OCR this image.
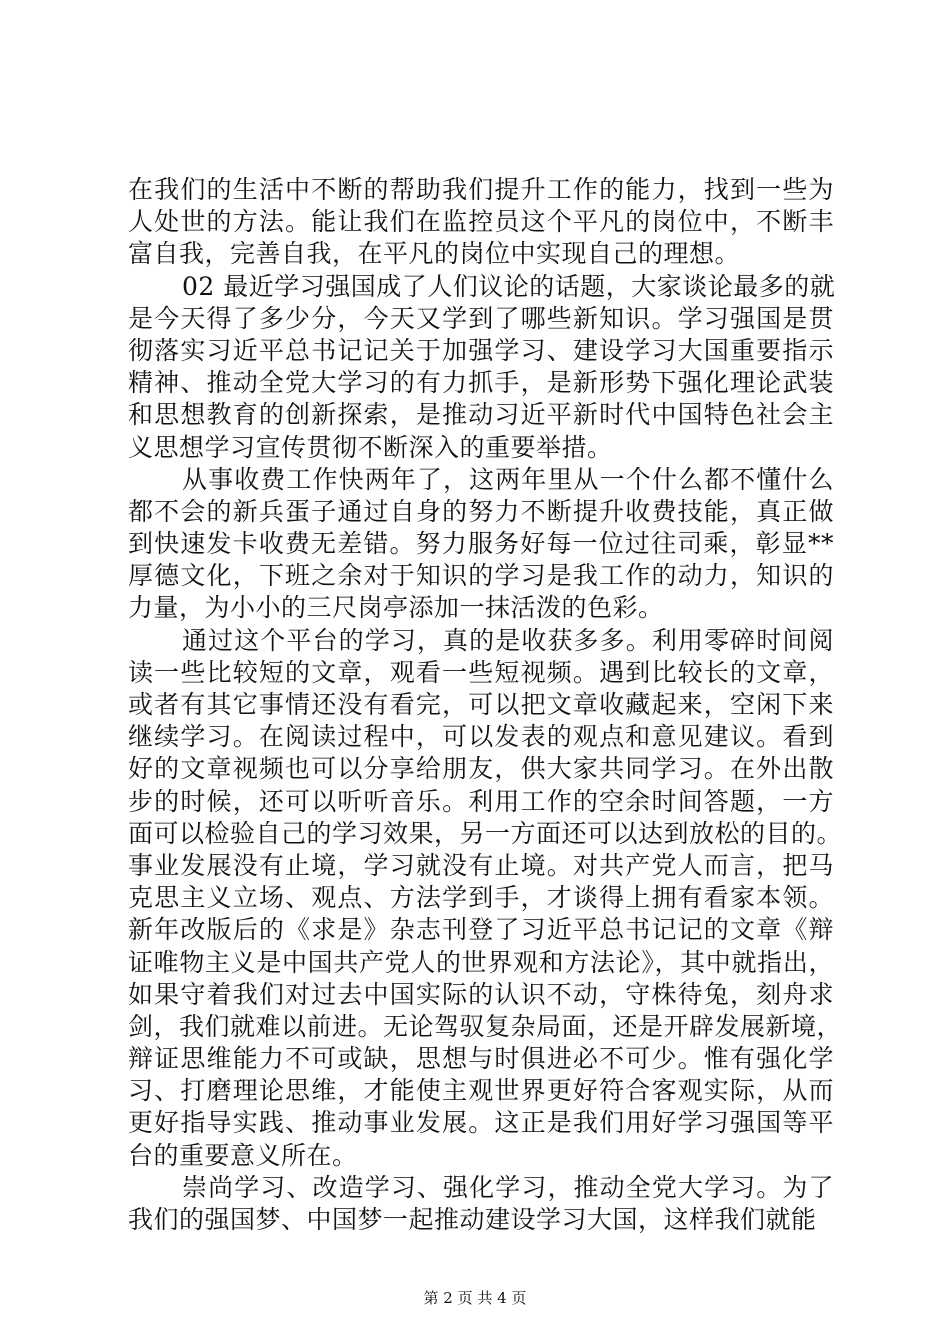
在我们的生活中不断的帮助我们提升工作的能力，找到一些为
人处世的方法。能让我们在监控员这个平凡的岗位中，不断丰
富自我，完善自我，在平凡的岗位中实现自己的理想。
02 最近学习强国成了人们议论的话题，大家谈论最多的就
是今天得了多少分，今天又学到了哪些新知识。学习强国是贯
彻落实习近平总书记记关于加强学习、建设学习大国重要指示
精神、推动全党大学习的有力抓手，是新形势下强化理论武装
和思想教育的创新探索，是推动习近平新时代中国特色社会主
义思想学习宣传贯彻不断深入的重要举措。
从事收费工作快两年了，这两年里从一个什么都不懂什么
都不会的新兵蛋子通过自身的努力不断提升收费技能，真正做
到快速发卡收费无差错。努力服务好每一位过往司乘，彰显**
厚德文化，下班之余对于知识的学习是我工作的动力，知识的
力量，为小小的三尺岗亭添加一抹活泼的色彩。
通过这个平台的学习，真的是收获多多。利用零碎时间阅
读一些比较短的文章，观看一些短视频。遇到比较长的文章，
或者有其它事情还没有看完，可以把文章收藏起来，空闲下来
继续学习。在阅读过程中，可以发表的观点和意见建议。看到
好的文章视频也可以分享给朋友，供大家共同学习。在外出散
步的时候，还可以听听音乐。利用工作的空余时间答题，一方
面可以检验自己的学习效果，另一方面还可以达到放松的目的。
事业发展没有止境，学习就没有止境。对共产党人而言，把马
克思主义立场、观点、方法学到手，才谈得上拥有看家本领。
新年改版后的《求是》杂志刊登了习近平总书记记的文章《辩
证唯物主义是中国共产党人的世界观和方法论》，其中就指出，
如果守着我们对过去中国实际的认识不动，守株待兔，刻舟求
剑，我们就难以前进。无论驾驭复杂局面，还是开辟发展新境，
辩证思维能力不可或缺，思想与时俱进必不可少。惟有强化学
习、打磨理论思维，才能使主观世界更好符合客观实际，从而
更好指导实践、推动事业发展。这正是我们用好学习强国等平
台的重要意义所在。
崇尚学习、改造学习、强化学习，推动全党大学习。为了
我们的强国梦、中国梦一起推动建设学习大国，这样我们就能
第 2 页 共 4 页
